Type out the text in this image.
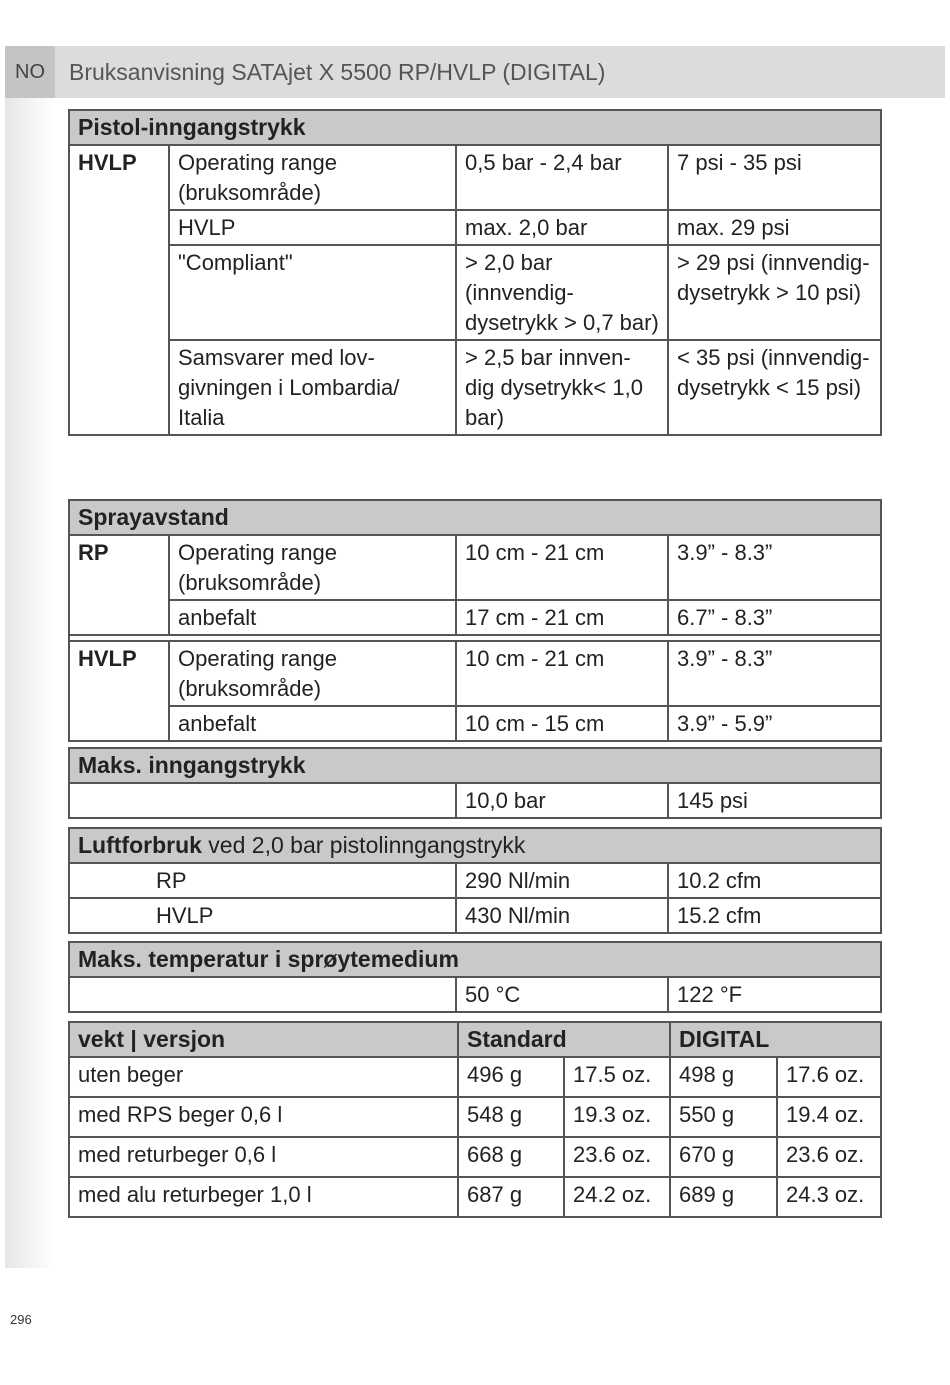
NO	Bruksanvisning SATAjet X 5500 RP/HVLP (DIGITAL)
Pistol-inngangstrykk			
HVLP	Operating range (bruksområde)	0,5 bar - 2,4 bar	7 psi - 35 psi
	HVLP	max. 2,0 bar	max. 29 psi
	"Compliant"	> 2,0 bar (innvendig-dysetrykk > 0,7 bar)	> 29 psi (innvendig-dysetrykk > 10 psi)
	Samsvarer med lov-givningen i Lombardia/ Italia	> 2,5 bar innven-dig dysetrykk< 1,0 bar)	< 35 psi (innvendig-dysetrykk < 15 psi)
Sprayavstand			
RP	Operating range (bruksområde)	10 cm - 21 cm	3.9” - 8.3”
	anbefalt	17 cm - 21 cm	6.7” - 8.3”

HVLP	Operating range (bruksområde)	10 cm - 21 cm	3.9” - 8.3”
	anbefalt	10 cm - 15 cm	3.9” - 5.9”
Maks. inngangstrykk
	10,0 bar	145 psi
Luftforbruk ved 2,0 bar pistolinngangstrykk		
RP	290 Nl/min	10.2 cfm
HVLP	430 Nl/min	15.2 cfm
Maks. temperatur i sprøytemedium
	50 °C	122 °F
vekt | versjon	Standard		DIGITAL	
uten beger	496 g	17.5 oz.	498 g	17.6 oz.
med RPS beger 0,6 l	548 g	19.3 oz.	550 g	19.4 oz.
med returbeger 0,6 l	668 g	23.6 oz.	670 g	23.6 oz.
med alu returbeger 1,0 l	687 g	24.2 oz.	689 g	24.3 oz.
296
